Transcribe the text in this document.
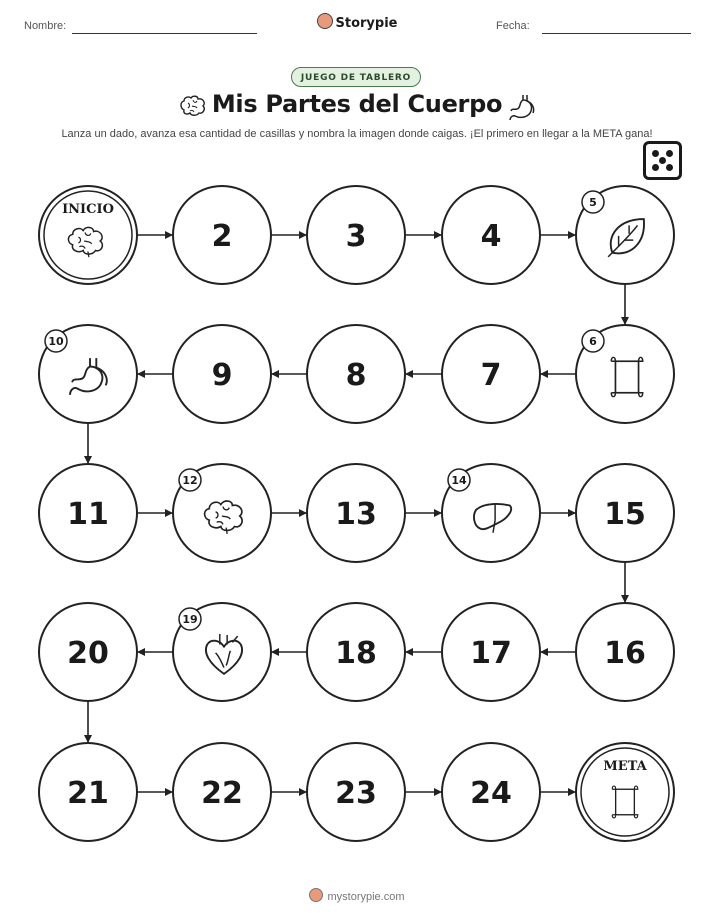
Nombre:	Storypie	Fecha:
JUEGO DE TABLERO
Mis Partes del Cuerpo
Lanza un dado, avanza esa cantidad de casillas y nombra la imagen donde caigas. ¡El primero en llegar a la META gana!
INICIO
2	3	4
5
6
7
8
9
10
11
12
13
14
15
16
17
18
19
20
21	22	23	24
META
mystorypie.com
